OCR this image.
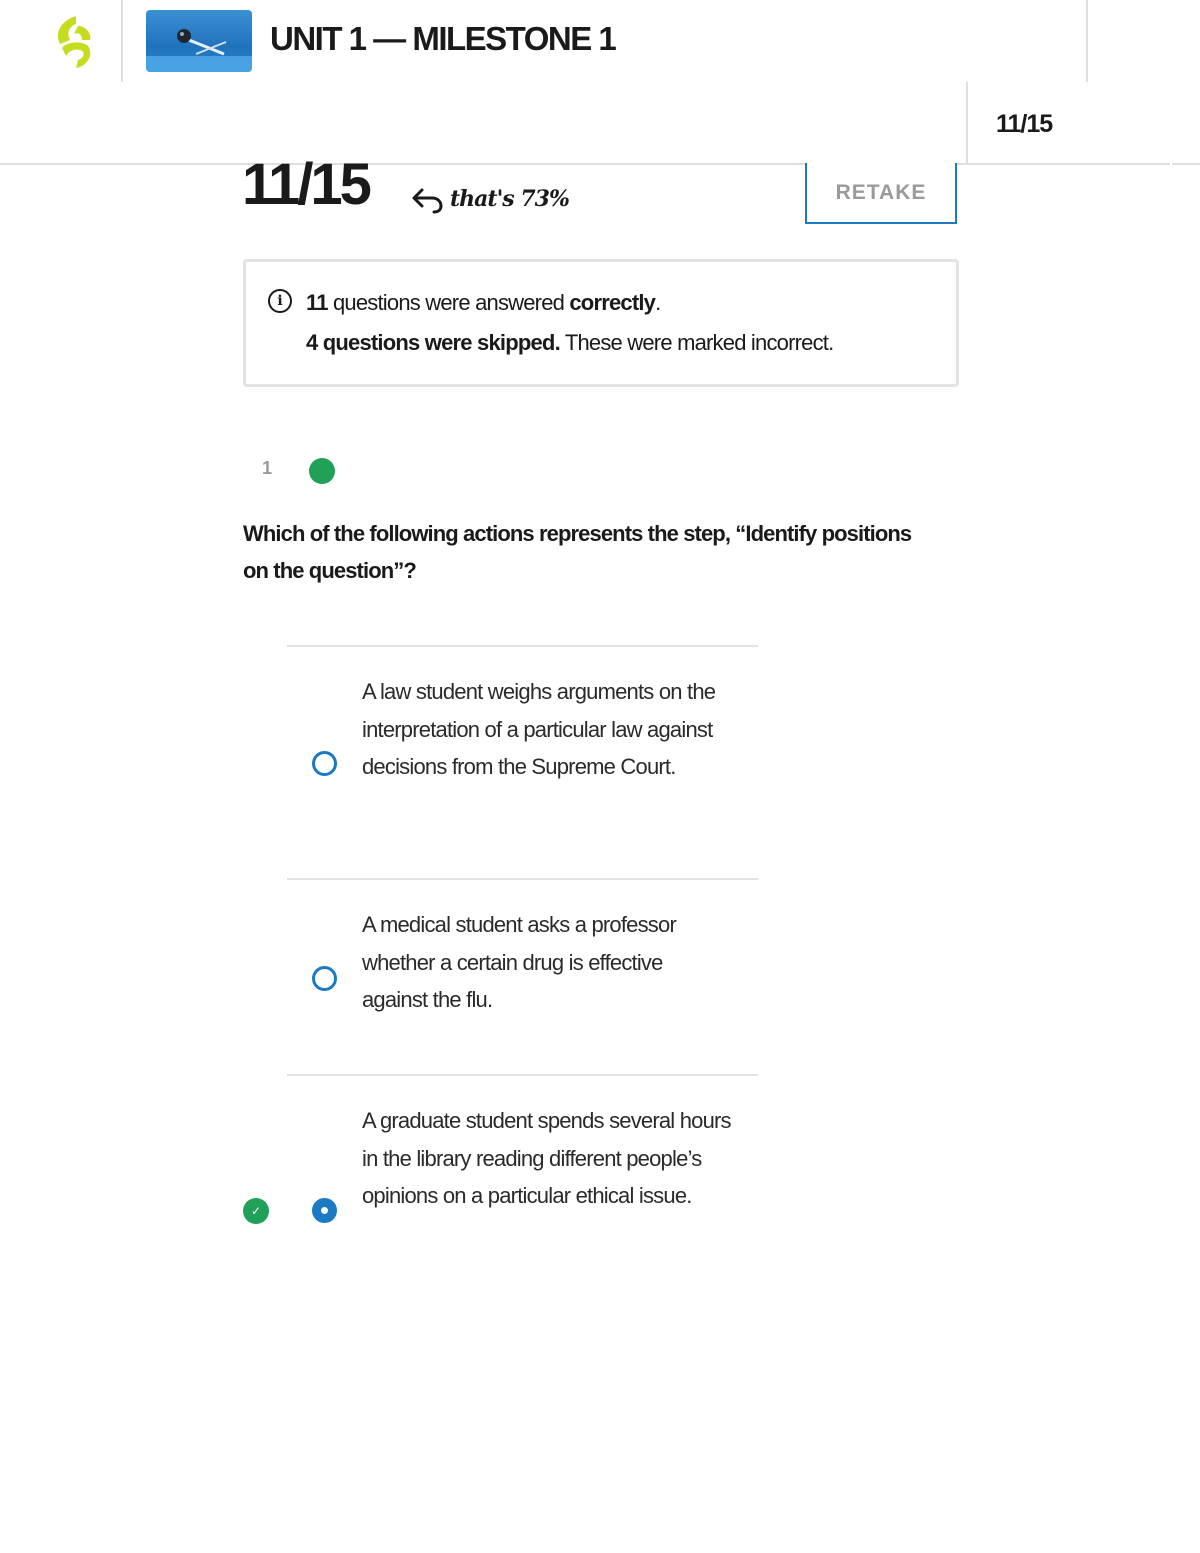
UNIT 1 — MILESTONE 1
11/15
11/15	that's 73%	RETAKE
i	11 questions were answered correctly.
4 questions were skipped. These were marked incorrect.
1
Which of the following actions represents the step, “Identify positions on the question”?
A law student weighs arguments on the interpretation of a particular law against decisions from the Supreme Court.
A medical student asks a professor whether a certain drug is effective against the flu.
✓
A graduate student spends several hours in the library reading different people’s opinions on a particular ethical issue.
